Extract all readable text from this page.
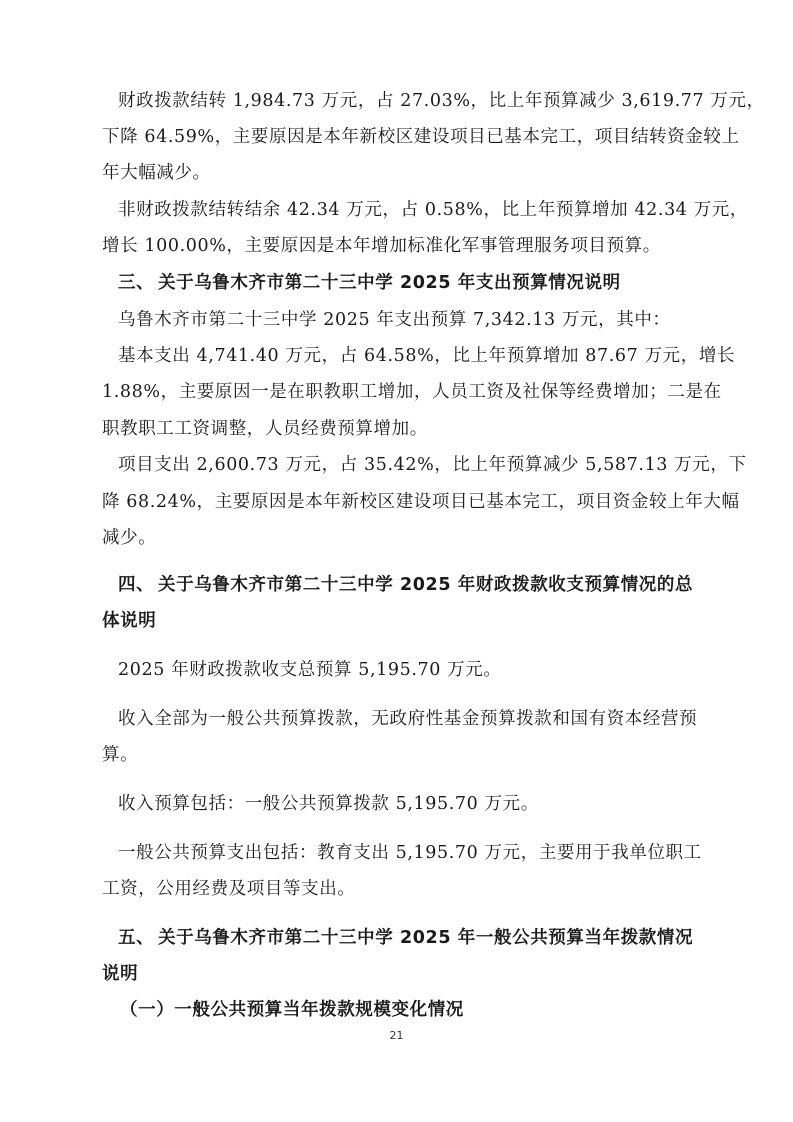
财政拨款结转 1,984.73 万元，占 27.03%，比上年预算减少 3,619.77 万元，
下降 64.59%，主要原因是本年新校区建设项目已基本完工，项目结转资金较上
年大幅减少。
非财政拨款结转结余 42.34 万元，占 0.58%，比上年预算增加 42.34 万元，
增长 100.00%，主要原因是本年增加标准化军事管理服务项目预算。
三、 关于乌鲁木齐市第二十三中学 2025 年支出预算情况说明
乌鲁木齐市第二十三中学 2025 年支出预算 7,342.13 万元，其中：
基本支出 4,741.40 万元，占 64.58%，比上年预算增加 87.67 万元，增长
1.88%，主要原因一是在职教职工增加，人员工资及社保等经费增加；二是在
职教职工工资调整，人员经费预算增加。
项目支出 2,600.73 万元，占 35.42%，比上年预算减少 5,587.13 万元，下
降 68.24%，主要原因是本年新校区建设项目已基本完工，项目资金较上年大幅
减少。
四、 关于乌鲁木齐市第二十三中学 2025 年财政拨款收支预算情况的总
体说明
2025 年财政拨款收支总预算 5,195.70 万元。
收入全部为一般公共预算拨款，无政府性基金预算拨款和国有资本经营预
算。
收入预算包括：一般公共预算拨款 5,195.70 万元。
一般公共预算支出包括：教育支出 5,195.70 万元，主要用于我单位职工
工资，公用经费及项目等支出。
五、 关于乌鲁木齐市第二十三中学 2025 年一般公共预算当年拨款情况
说明
（一）一般公共预算当年拨款规模变化情况
21
